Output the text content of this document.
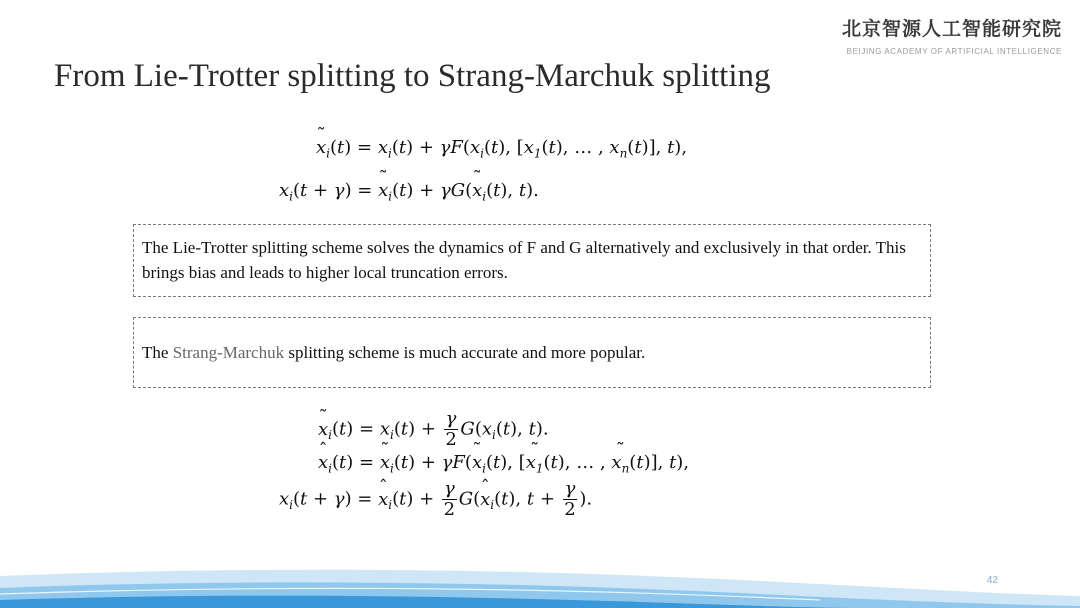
北京智源人工智能研究院
BEIJING ACADEMY OF ARTIFICIAL INTELLIGENCE
From Lie-Trotter splitting to Strang-Marchuk splitting
˜ $x_i(t) = x_i(t) + \gamma F(x_i(t)$, [$x_1(t)$, … , $x_n(t)$], t),
$x_i(t + \gamma)$ = ˜ $x_i(t)$ + γG(˜ $x_i(t)$, t).
The Lie-Trotter splitting scheme solves the dynamics of F and G alternatively and exclusively in that order. This brings bias and leads to higher local truncation errors.
The Strang-Marchuk splitting scheme is much accurate and more popular.
˜ $x_i(t) = x_i(t) + \frac{\gamma}{2} G(x_i(t)$, t).
ˆ $x_i(t)$ = ˜ $x_i(t)$ + γF(˜ $x_i(t)$, [˜ $x_1(t)$, … , ˜ $x_n(t)$], t),
$x_i(t + \gamma)$ = ˆ $x_i(t) + \frac{\gamma}{2}$ G(ˆ $x_i(t)$, $t + \frac{\gamma}{2}$ ).
42
